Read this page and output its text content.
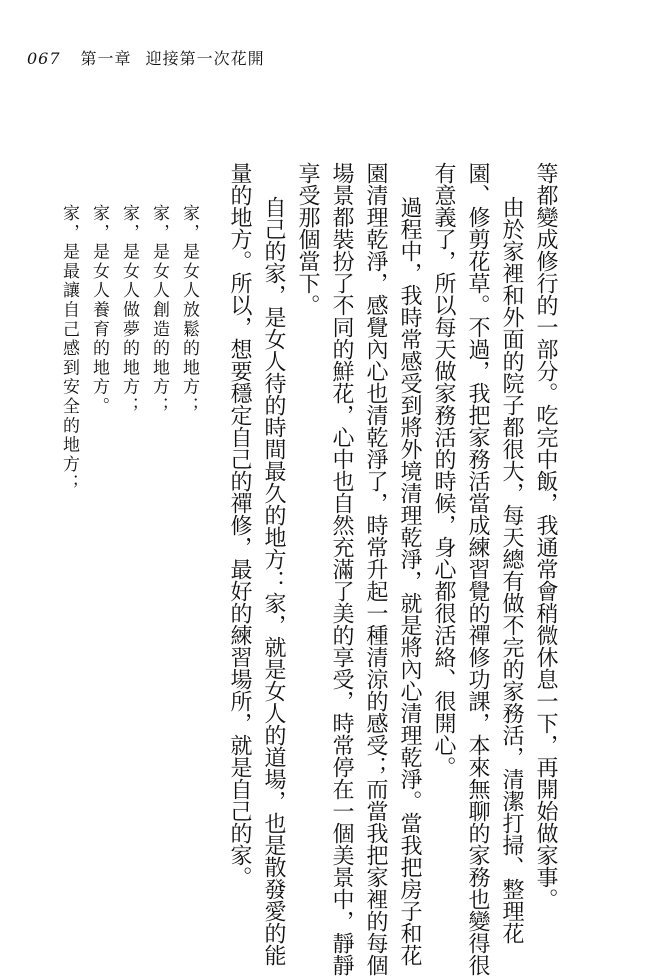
067 第一章 迎接第一次花開
等都變成修行的一部分。吃完中飯，我通常會稍微休息一下，再開始做家事。
由於家裡和外面的院子都很大，每天總有做不完的家務活，清潔打掃、整理花
園、修剪花草。不過，我把家務活當成練習覺的禪修功課，本來無聊的家務也變得很
有意義了，所以每天做家務活的時候，身心都很活絡、很開心。
過程中，我時常感受到將外境清理乾淨，就是將內心清理乾淨。當我把房子和花
園清理乾淨，感覺內心也清乾淨了，時常升起一種清涼的感受；而當我把家裡的每個
場景都裝扮了不同的鮮花，心中也自然充滿了美的享受，時常停在一個美景中，靜靜
享受那個當下。
自己的家，是女人待的時間最久的地方：家，就是女人的道場，也是散發愛的能
量的地方。所以，想要穩定自己的禪修，最好的練習場所，就是自己的家。
家，是女人放鬆的地方；
家，是女人創造的地方；
家，是女人做夢的地方；
家，是女人養育的地方。
家，是最讓自己感到安全的地方；
